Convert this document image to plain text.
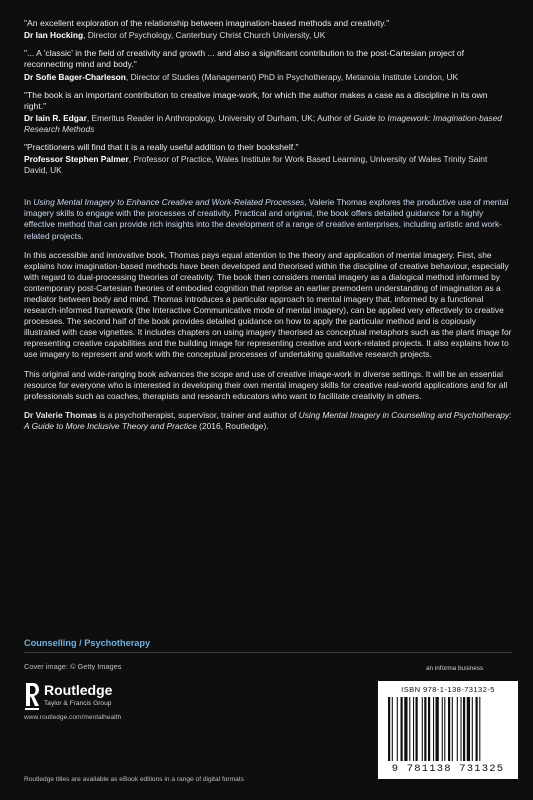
"An excellent exploration of the relationship between imagination-based methods and creativity."
Dr Ian Hocking, Director of Psychology, Canterbury Christ Church University, UK
"... A 'classic' in the field of creativity and growth ... and also a significant contribution to the post-Cartesian project of reconnecting mind and body."
Dr Sofie Bager-Charleson, Director of Studies (Management) PhD in Psychotherapy, Metanoia Institute London, UK
"The book is an important contribution to creative image-work, for which the author makes a case as a discipline in its own right."
Dr Iain R. Edgar, Emeritus Reader in Anthropology, University of Durham, UK; Author of Guide to Imagework: Imagination-based Research Methods
"Practitioners will find that it is a really useful addition to their bookshelf."
Professor Stephen Palmer, Professor of Practice, Wales Institute for Work Based Learning, University of Wales Trinity Saint David, UK

In Using Mental Imagery to Enhance Creative and Work-Related Processes, Valerie Thomas explores the productive use of mental imagery skills to engage with the processes of creativity. Practical and original, the book offers detailed guidance for a highly effective method that can provide rich insights into the development of a range of creative enterprises, including artistic and work-related projects.

In this accessible and innovative book, Thomas pays equal attention to the theory and application of mental imagery. First, she explains how imagination-based methods have been developed and theorised within the discipline of creative behaviour, especially with regard to dual-processing theories of creativity. The book then considers mental imagery as a dialogical method informed by contemporary post-Cartesian theories of embodied cognition that reprise an earlier premodern understanding of imagination as a mediator between body and mind. Thomas introduces a particular approach to mental imagery that, informed by a functional research-informed framework (the Interactive Communicative mode of mental imagery), can be applied very effectively to creative processes. The second half of the book provides detailed guidance on how to apply the particular method and is copiously illustrated with case vignettes. It includes chapters on using imagery theorised as conceptual metaphors such as the plant image for representing creative capabilities and the building image for representing creative and work-related projects. It also explains how to use imagery to represent and work with the conceptual processes of undertaking qualitative research projects.

This original and wide-ranging book advances the scope and use of creative image-work in diverse settings. It will be an essential resource for everyone who is interested in developing their own mental imagery skills for creative real-world applications and for all professionals such as coaches, therapists and research educators who want to facilitate creativity in others.

Dr Valerie Thomas is a psychotherapist, supervisor, trainer and author of Using Mental Imagery in Counselling and Psychotherapy: A Guide to More Inclusive Theory and Practice (2016, Routledge).

Counselling / Psychotherapy
Cover image: © Getty Images
Routledge
Taylor & Francis Group
www.routledge.com/mentalhealth
an informa business
ISBN 978-1-138-73132-5
9 781138 731325
Routledge titles are available as eBook editions in a range of digital formats
